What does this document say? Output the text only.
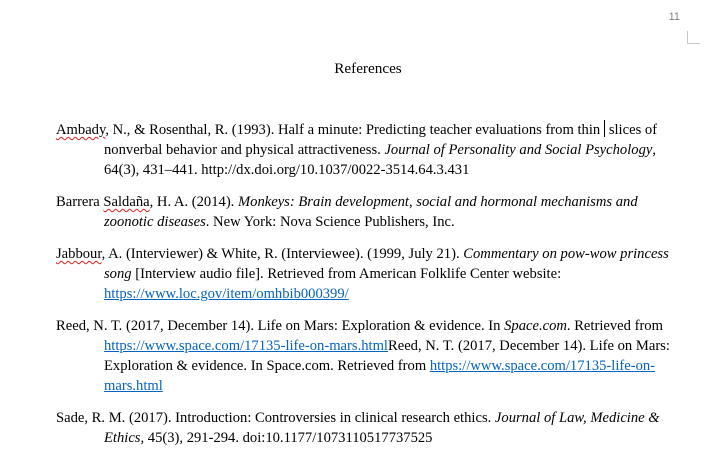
11
References

Ambady, N., & Rosenthal, R. (1993). Half a minute: Predicting teacher evaluations from thin slices of nonverbal behavior and physical attractiveness. Journal of Personality and Social Psychology, 64(3), 431–441. http://dx.doi.org/10.1037/0022-3514.64.3.431

Barrera Saldaña, H. A. (2014). Monkeys: Brain development, social and hormonal mechanisms and zoonotic diseases. New York: Nova Science Publishers, Inc.

Jabbour, A. (Interviewer) & White, R. (Interviewee). (1999, July 21). Commentary on pow-wow princess song [Interview audio file]. Retrieved from American Folklife Center website: https://www.loc.gov/item/omhbib000399/

Reed, N. T. (2017, December 14). Life on Mars: Exploration & evidence. In Space.com. Retrieved from https://www.space.com/17135-life-on-mars.htmlReed, N. T. (2017, December 14). Life on Mars: Exploration & evidence. In Space.com. Retrieved from https://www.space.com/17135-life-on-mars.html

Sade, R. M. (2017). Introduction: Controversies in clinical research ethics. Journal of Law, Medicine & Ethics, 45(3), 291-294. doi:10.1177/1073110517737525
